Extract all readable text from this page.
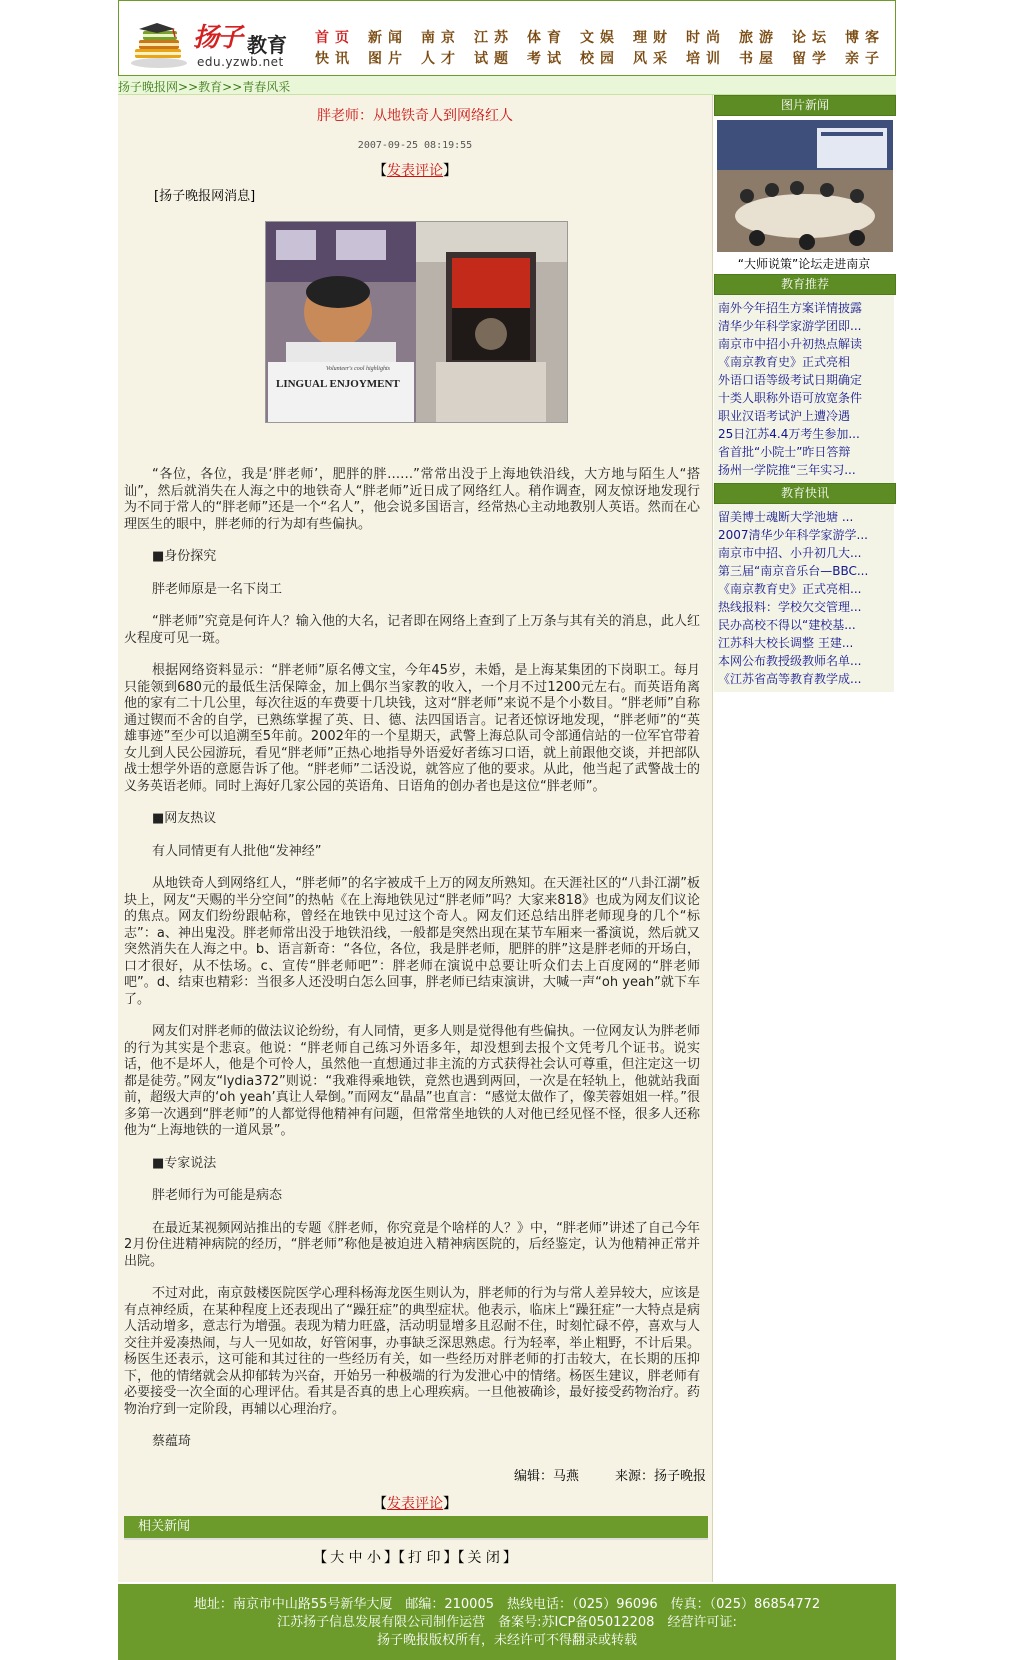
扬子 教育
edu.yzwb.net
首页 新闻 南京 江苏 体育 文娱 理财 时尚 旅游 论坛 博客
快讯 图片 人才 试题 考试 校园 风采 培训 书屋 留学 亲子
扬子晚报网>>教育>>青春风采
胖老师：从地铁奇人到网络红人
2007-09-25 08:19:55
【发表评论】
[扬子晚报网消息]
LINGUAL ENJOYMENT
Volunteer's cool highlights

“各位，各位，我是‘胖老师’，肥胖的胖……”常常出没于上海地铁沿线，大方地与陌生人“搭讪”，然后就消失在人海之中的地铁奇人“胖老师”近日成了网络红人。稍作调查，网友惊讶地发现行为不同于常人的“胖老师”还是一个“名人”，他会说多国语言，经常热心主动地教别人英语。然而在心理医生的眼中，胖老师的行为却有些偏执。

■身份探究

胖老师原是一名下岗工

“胖老师”究竟是何许人？输入他的大名，记者即在网络上查到了上万条与其有关的消息，此人红火程度可见一斑。

根据网络资料显示：“胖老师”原名傅文宝，今年45岁，未婚，是上海某集团的下岗职工。每月只能领到680元的最低生活保障金，加上偶尔当家教的收入，一个月不过1200元左右。而英语角离他的家有二十几公里，每次往返的车费要十几块钱，这对“胖老师”来说不是个小数目。“胖老师”自称通过锲而不舍的自学，已熟练掌握了英、日、德、法四国语言。记者还惊讶地发现，“胖老师”的“英雄事迹”至少可以追溯至5年前。2002年的一个星期天，武警上海总队司令部通信站的一位军官带着女儿到人民公园游玩，看见“胖老师”正热心地指导外语爱好者练习口语，就上前跟他交谈，并把部队战士想学外语的意愿告诉了他。“胖老师”二话没说，就答应了他的要求。从此，他当起了武警战士的义务英语老师。同时上海好几家公园的英语角、日语角的创办者也是这位“胖老师”。

■网友热议

有人同情更有人批他“发神经”

从地铁奇人到网络红人，“胖老师”的名字被成千上万的网友所熟知。在天涯社区的“八卦江湖”板块上，网友“天赐的半分空间”的热帖《在上海地铁见过“胖老师”吗？大家来818》也成为网友们议论的焦点。网友们纷纷跟帖称，曾经在地铁中见过这个奇人。网友们还总结出胖老师现身的几个“标志”：a、神出鬼没。胖老师常出没于地铁沿线，一般都是突然出现在某节车厢来一番演说，然后就又突然消失在人海之中。b、语言新奇：“各位，各位，我是胖老师，肥胖的胖”这是胖老师的开场白，口才很好，从不怯场。c、宣传“胖老师吧”：胖老师在演说中总要让听众们去上百度网的“胖老师吧”。d、结束也精彩：当很多人还没明白怎么回事，胖老师已结束演讲，大喊一声“oh yeah”就下车了。

网友们对胖老师的做法议论纷纷，有人同情，更多人则是觉得他有些偏执。一位网友认为胖老师的行为其实是个悲哀。他说：“胖老师自己练习外语多年，却没想到去报个文凭考几个证书。说实话，他不是坏人，他是个可怜人，虽然他一直想通过非主流的方式获得社会认可尊重，但注定这一切都是徒劳。”网友“lydia372”则说：“我难得乘地铁，竟然也遇到两回，一次是在轻轨上，他就站我面前，超级大声的‘oh yeah’真让人晕倒。”而网友“晶晶”也直言：“感觉太做作了，像芙蓉姐姐一样。”很多第一次遇到“胖老师”的人都觉得他精神有问题，但常常坐地铁的人对他已经见怪不怪，很多人还称他为“上海地铁的一道风景”。

■专家说法

胖老师行为可能是病态

在最近某视频网站推出的专题《胖老师，你究竟是个啥样的人？》中，“胖老师”讲述了自己今年2月份住进精神病院的经历，“胖老师”称他是被迫进入精神病医院的，后经鉴定，认为他精神正常并出院。

不过对此，南京鼓楼医院医学心理科杨海龙医生则认为，胖老师的行为与常人差异较大，应该是有点神经质，在某种程度上还表现出了“躁狂症”的典型症状。他表示，临床上“躁狂症”一大特点是病人活动增多，意志行为增强。表现为精力旺盛，活动明显增多且忍耐不住，时刻忙碌不停，喜欢与人交往并爱凑热闹，与人一见如故，好管闲事，办事缺乏深思熟虑。行为轻率，举止粗野，不计后果。杨医生还表示，这可能和其过往的一些经历有关，如一些经历对胖老师的打击较大，在长期的压抑下，他的情绪就会从抑郁转为兴奋，开始另一种极端的行为发泄心中的情绪。杨医生建议，胖老师有必要接受一次全面的心理评估。看其是否真的患上心理疾病。一旦他被确诊，最好接受药物治疗。药物治疗到一定阶段，再辅以心理治疗。

蔡蕴琦

编辑：马燕	来源：扬子晚报
【发表评论】
相关新闻
【 大 中 小 】【 打 印 】【 关 闭 】
图片新闻
“大师说策”论坛走进南京
教育推荐
南外今年招生方案详情披露
清华少年科学家游学团即...
南京市中招小升初热点解读
《南京教育史》正式亮相
外语口语等级考试日期确定
十类人职称外语可放宽条件
职业汉语考试沪上遭冷遇
25日江苏4.4万考生参加...
省首批“小院士”昨日答辩
扬州一学院推“三年实习...
教育快讯
留美博士魂断大学池塘 ...
2007清华少年科学家游学...
南京市中招、小升初几大...
第三届“南京音乐台—BBC...
《南京教育史》正式亮相...
热线报料：学校欠交管理...
民办高校不得以“建校基...
江苏科大校长调整 王建...
本网公布教授级教师名单...
《江苏省高等教育教学成...
地址：南京市中山路55号新华大厦　邮编：210005　热线电话：（025）96096　传真：（025）86854772
江苏扬子信息发展有限公司制作运营　备案号:苏ICP备05012208　经营许可证:
扬子晚报版权所有，未经许可不得翻录或转载
